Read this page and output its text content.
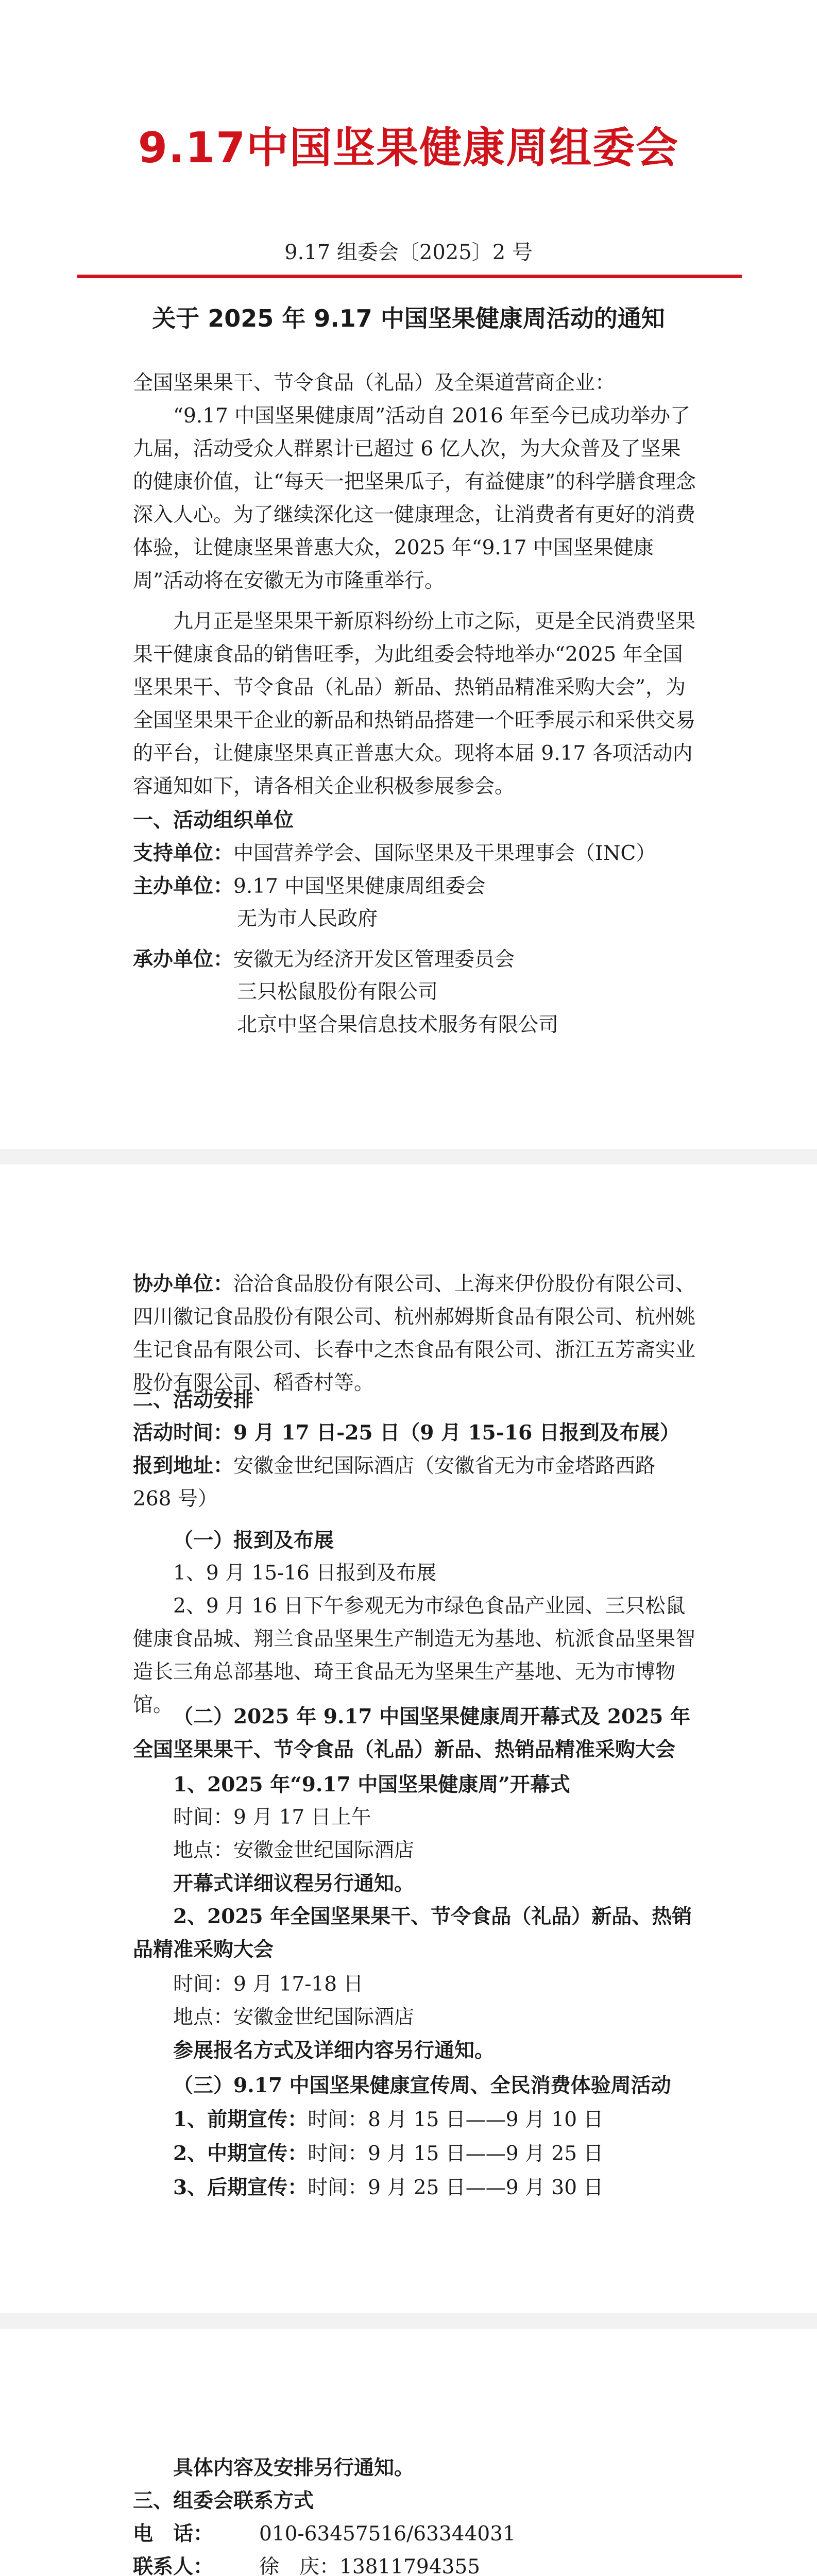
9.17中国坚果健康周组委会
9.17 组委会〔2025〕2 号
关于 2025 年 9.17 中国坚果健康周活动的通知
全国坚果果干、节令食品（礼品）及全渠道营商企业：
“9.17 中国坚果健康周”活动自 2016 年至今已成功举办了九届，活动受众人群累计已超过 6 亿人次，为大众普及了坚果的健康价值，让“每天一把坚果瓜子，有益健康”的科学膳食理念深入人心。为了继续深化这一健康理念，让消费者有更好的消费体验，让健康坚果普惠大众，2025 年“9.17 中国坚果健康周”活动将在安徽无为市隆重举行。
九月正是坚果果干新原料纷纷上市之际，更是全民消费坚果果干健康食品的销售旺季，为此组委会特地举办“2025 年全国坚果果干、节令食品（礼品）新品、热销品精准采购大会”，为全国坚果果干企业的新品和热销品搭建一个旺季展示和采供交易的平台，让健康坚果真正普惠大众。现将本届 9.17 各项活动内容通知如下，请各相关企业积极参展参会。
一、活动组织单位
支持单位：中国营养学会、国际坚果及干果理事会（INC）
主办单位：9.17 中国坚果健康周组委会
无为市人民政府
承办单位：安徽无为经济开发区管理委员会
三只松鼠股份有限公司
北京中坚合果信息技术服务有限公司
协办单位：洽洽食品股份有限公司、上海来伊份股份有限公司、四川徽记食品股份有限公司、杭州郝姆斯食品有限公司、杭州姚生记食品有限公司、长春中之杰食品有限公司、浙江五芳斋实业股份有限公司、稻香村等。
二、活动安排
活动时间：9 月 17 日-25 日（9 月 15-16 日报到及布展）
报到地址：安徽金世纪国际酒店（安徽省无为市金塔路西路 268 号）
（一）报到及布展
1、9 月 15-16 日报到及布展
2、9 月 16 日下午参观无为市绿色食品产业园、三只松鼠健康食品城、翔兰食品坚果生产制造无为基地、杭派食品坚果智造长三角总部基地、琦王食品无为坚果生产基地、无为市博物馆。 （二）2025 年 9.17 中国坚果健康周开幕式及 2025 年全国坚果果干、节令食品（礼品）新品、热销品精准采购大会
1、2025 年“9.17 中国坚果健康周”开幕式
时间：9 月 17 日上午
地点：安徽金世纪国际酒店
开幕式详细议程另行通知。
2、2025 年全国坚果果干、节令食品（礼品）新品、热销品精准采购大会
时间：9 月 17-18 日
地点：安徽金世纪国际酒店
参展报名方式及详细内容另行通知。
（三）9.17 中国坚果健康宣传周、全民消费体验周活动
1、前期宣传：时间：8 月 15 日——9 月 10 日
2、中期宣传：时间：9 月 15 日——9 月 25 日
3、后期宣传：时间：9 月 25 日——9 月 30 日
具体内容及安排另行通知。
三、组委会联系方式
电　话： 010-63457516/63344031
联系人： 徐　庆：13811794355
